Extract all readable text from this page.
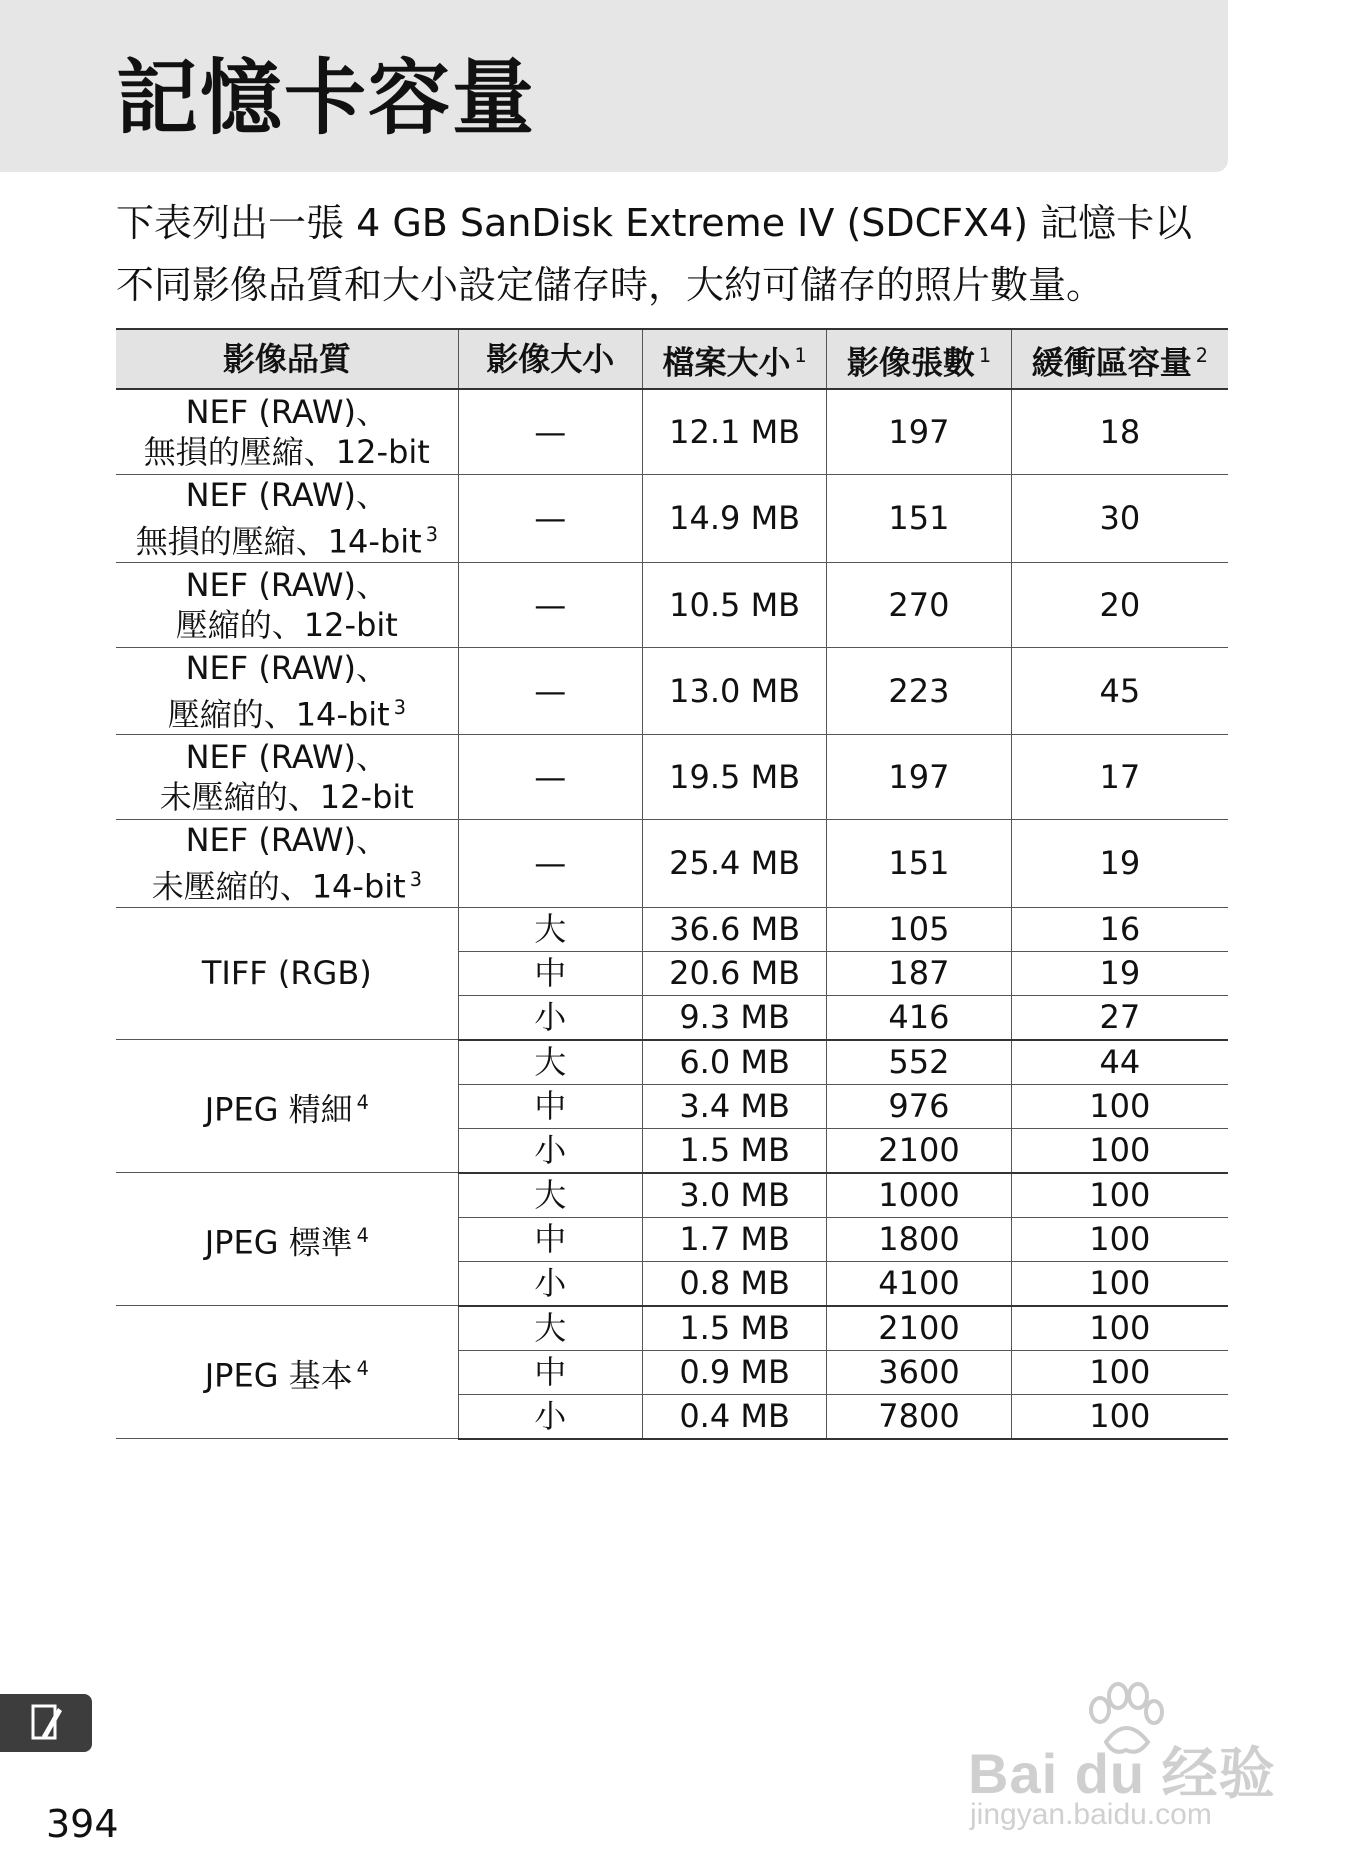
記憶卡容量

下表列出一張 4 GB SanDisk Extreme IV (SDCFX4) 記憶卡以不同影像品質和大小設定儲存時，大約可儲存的照片數量。

影像品質	影像大小	檔案大小 $^1$	影像張數 $^1$	緩衝區容量 $^2$

NEF (RAW)、
無損的壓縮、12-bit	—	12.1 MB	197	18

NEF (RAW)、
無損的壓縮、14-bit $^3$	—	14.9 MB	151	30

NEF (RAW)、
壓縮的、12-bit	—	10.5 MB	270	20

NEF (RAW)、
壓縮的、14-bit $^3$	—	13.0 MB	223	45

NEF (RAW)、
未壓縮的、12-bit	—	19.5 MB	197	17

NEF (RAW)、
未壓縮的、14-bit $^3$	—	25.4 MB	151	19
TIFF (RGB)	大	36.6 MB	105	16
	中	20.6 MB	187	19
	小	9.3 MB	416	27
JPEG 精細 $^4$	大	6.0 MB	552	44
	中	3.4 MB	976	100
	小	1.5 MB	2100	100
JPEG 標準 $^4$	大	3.0 MB	1000	100
	中	1.7 MB	1800	100
	小	0.8 MB	4100	100
JPEG 基本 $^4$	大	1.5 MB	2100	100
	中	0.9 MB	3600	100
	小	0.4 MB	7800	100
394
Bai du 经验
jingyan.baidu.com
